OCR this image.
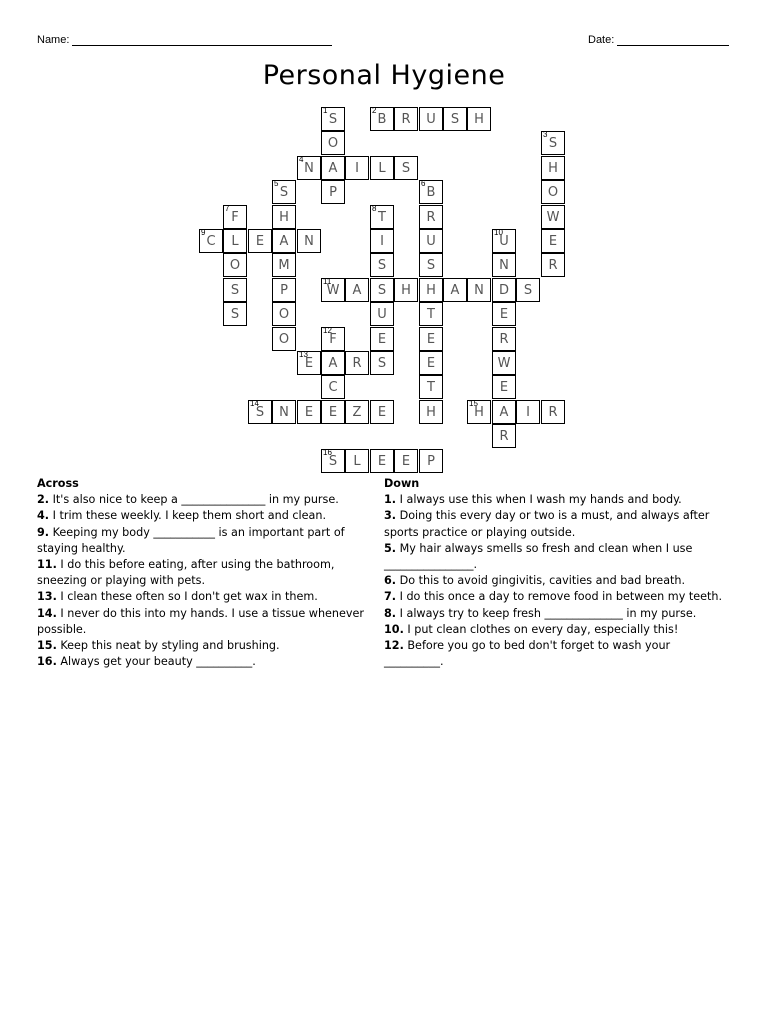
Name:	Date:
Personal Hygiene
1
S
2
B	R	U	S	H
O
3
S
4
N	A	I	L	S	H
5
S	P
6
B	O
7
F	H
8
T	R	W
9
C	L	E	A	N	I	U
10
U	E
O	M	S	S	N	R
S	P
11
W	A	S	H	H	A	N	D	S
S	O	U	T	E
O
12
F	E	E	R
13
E	A	R	S	E	W
C	T	E
14
S	N	E	E	Z	E	H
15
H	A	I	R
R
16
S	L	E	E	P
Across
2. It's also nice to keep a _______________ in my purse.
4. I trim these weekly. I keep them short and clean.
9. Keeping my body ___________ is an important part of staying healthy.
11. I do this before eating, after using the bathroom, sneezing or playing with pets.
13. I clean these often so I don't get wax in them.
14. I never do this into my hands. I use a tissue whenever possible.
15. Keep this neat by styling and brushing.
16. Always get your beauty __________.
Down
1. I always use this when I wash my hands and body.
3. Doing this every day or two is a must, and always after sports practice or playing outside.
5. My hair always smells so fresh and clean when I use ________________.
6. Do this to avoid gingivitis, cavities and bad breath.
7. I do this once a day to remove food in between my teeth.
8. I always try to keep fresh ______________ in my purse.
10. I put clean clothes on every day, especially this!
12. Before you go to bed don't forget to wash your __________.
